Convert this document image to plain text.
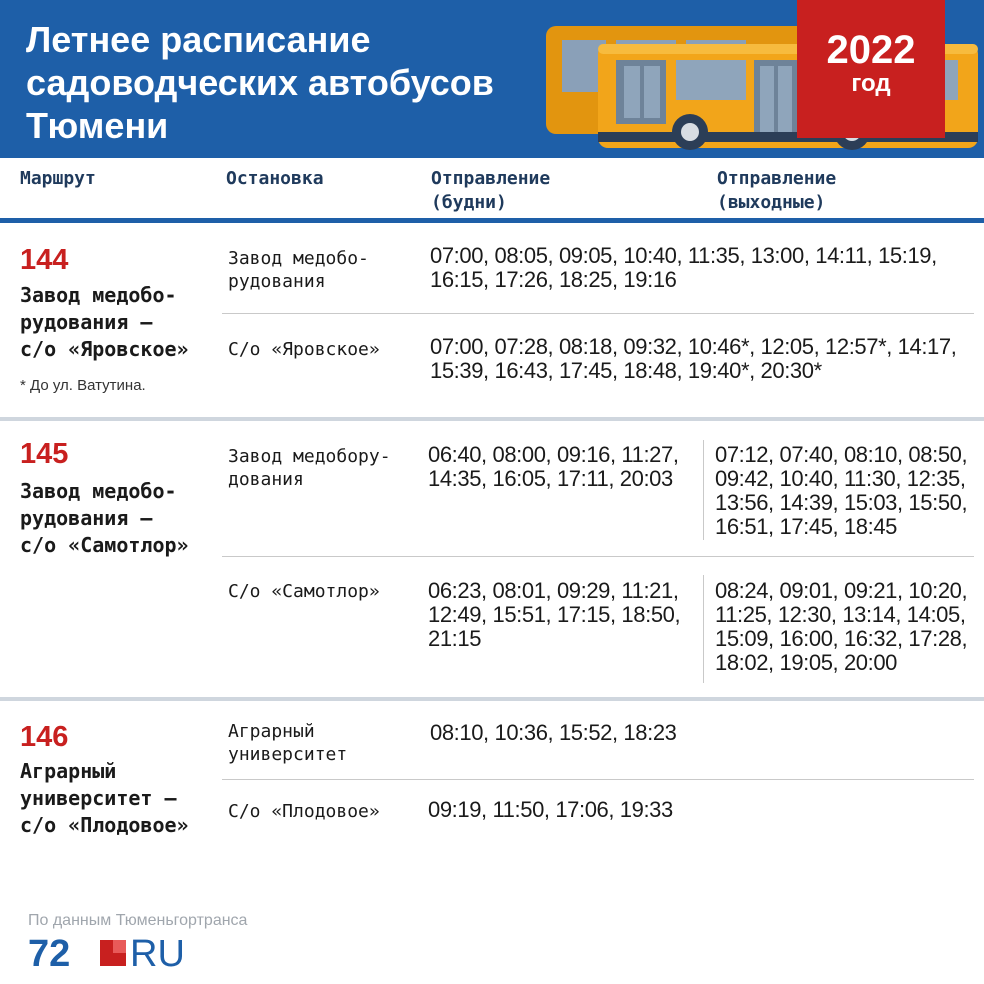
Летнее расписание
садоводческих автобусов
Тюмени
2022
год
Маршрут	Остановка	Отправление
(будни)
Отправление
(выходные)
144
Завод медобо-
рудования —
с/о «Яровское»
* До ул. Ватутина.
Завод медобо-
рудования
07:00, 08:05, 09:05, 10:40, 11:35, 13:00, 14:11, 15:19,
16:15, 17:26, 18:25, 19:16
С/о «Яровское» 07:00, 07:28, 08:18, 09:32, 10:46*, 12:05, 12:57*, 14:17,
15:39, 16:43, 17:45, 18:48, 19:40*, 20:30*
145
Завод медобо-
рудования —
с/о «Самотлор»
Завод медобору-
дования
06:40, 08:00, 09:16, 11:27,
14:35, 16:05, 17:11, 20:03
07:12, 07:40, 08:10, 08:50,
09:42, 10:40, 11:30, 12:35,
13:56, 14:39, 15:03, 15:50,
16:51, 17:45, 18:45
С/о «Самотлор» 06:23, 08:01, 09:29, 11:21,
12:49, 15:51, 17:15, 18:50,
21:15
08:24, 09:01, 09:21, 10:20,
11:25, 12:30, 13:14, 14:05,
15:09, 16:00, 16:32, 17:28,
18:02, 19:05, 20:00
146
Аграрный
университет —
с/о «Плодовое»
Аграрный
университет
08:10, 10:36, 15:52, 18:23
С/о «Плодовое» 09:19, 11:50, 17:06, 19:33
По данным Тюменьгортранса
72 RU
